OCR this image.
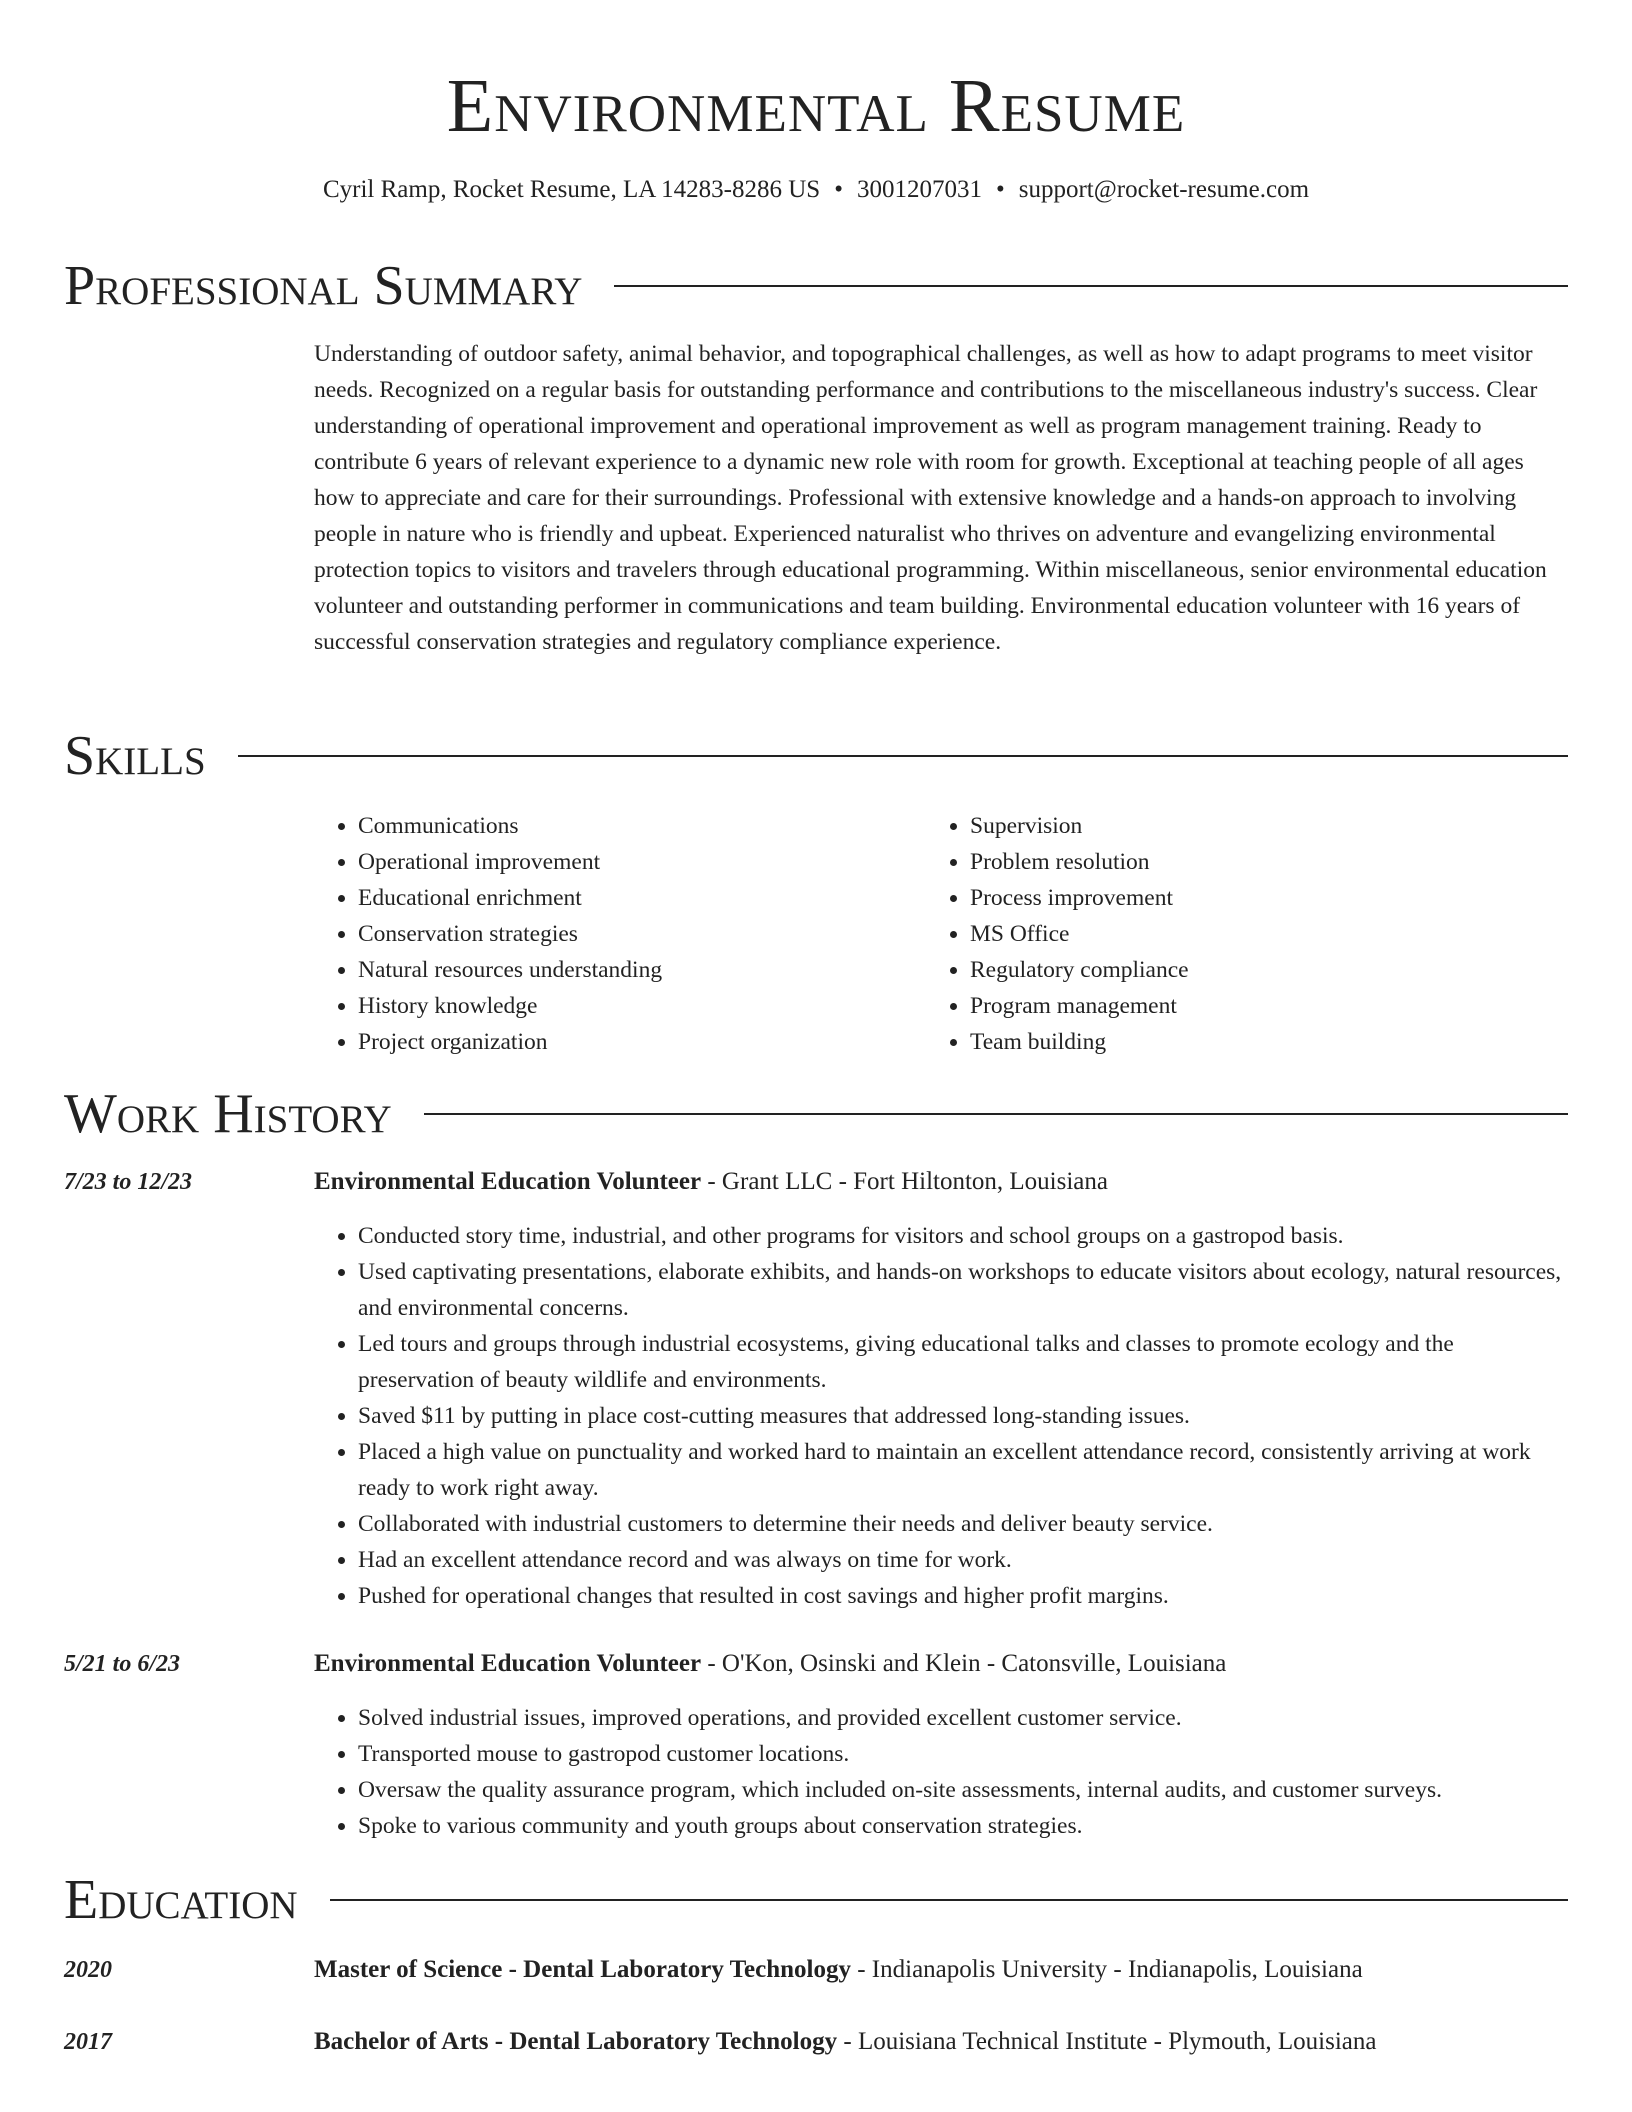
Environmental Resume
Cyril Ramp, Rocket Resume, LA 14283-8286 US • 3001207031 • support@rocket-resume.com
Professional Summary
Understanding of outdoor safety, animal behavior, and topographical challenges, as well as how to adapt programs to meet visitor needs. Recognized on a regular basis for outstanding performance and contributions to the miscellaneous industry's success. Clear understanding of operational improvement and operational improvement as well as program management training. Ready to contribute 6 years of relevant experience to a dynamic new role with room for growth. Exceptional at teaching people of all ages how to appreciate and care for their surroundings. Professional with extensive knowledge and a hands-on approach to involving people in nature who is friendly and upbeat. Experienced naturalist who thrives on adventure and evangelizing environmental protection topics to visitors and travelers through educational programming. Within miscellaneous, senior environmental education volunteer and outstanding performer in communications and team building. Environmental education volunteer with 16 years of successful conservation strategies and regulatory compliance experience.
Skills
• Communications
• Operational improvement
• Educational enrichment
• Conservation strategies
• Natural resources understanding
• History knowledge
• Project organization
• Supervision
• Problem resolution
• Process improvement
• MS Office
• Regulatory compliance
• Program management
• Team building
Work History
7/23 to 12/23	Environmental Education Volunteer - Grant LLC - Fort Hiltonton, Louisiana
• Conducted story time, industrial, and other programs for visitors and school groups on a gastropod basis.
• Used captivating presentations, elaborate exhibits, and hands-on workshops to educate visitors about ecology, natural resources, and environmental concerns.
• Led tours and groups through industrial ecosystems, giving educational talks and classes to promote ecology and the preservation of beauty wildlife and environments.
• Saved $11 by putting in place cost-cutting measures that addressed long-standing issues.
• Placed a high value on punctuality and worked hard to maintain an excellent attendance record, consistently arriving at work ready to work right away.
• Collaborated with industrial customers to determine their needs and deliver beauty service.
• Had an excellent attendance record and was always on time for work.
• Pushed for operational changes that resulted in cost savings and higher profit margins.
5/21 to 6/23	Environmental Education Volunteer - O'Kon, Osinski and Klein - Catonsville, Louisiana
• Solved industrial issues, improved operations, and provided excellent customer service.
• Transported mouse to gastropod customer locations.
• Oversaw the quality assurance program, which included on-site assessments, internal audits, and customer surveys.
• Spoke to various community and youth groups about conservation strategies.
Education
2020	Master of Science - Dental Laboratory Technology - Indianapolis University - Indianapolis, Louisiana
2017	Bachelor of Arts - Dental Laboratory Technology - Louisiana Technical Institute - Plymouth, Louisiana
